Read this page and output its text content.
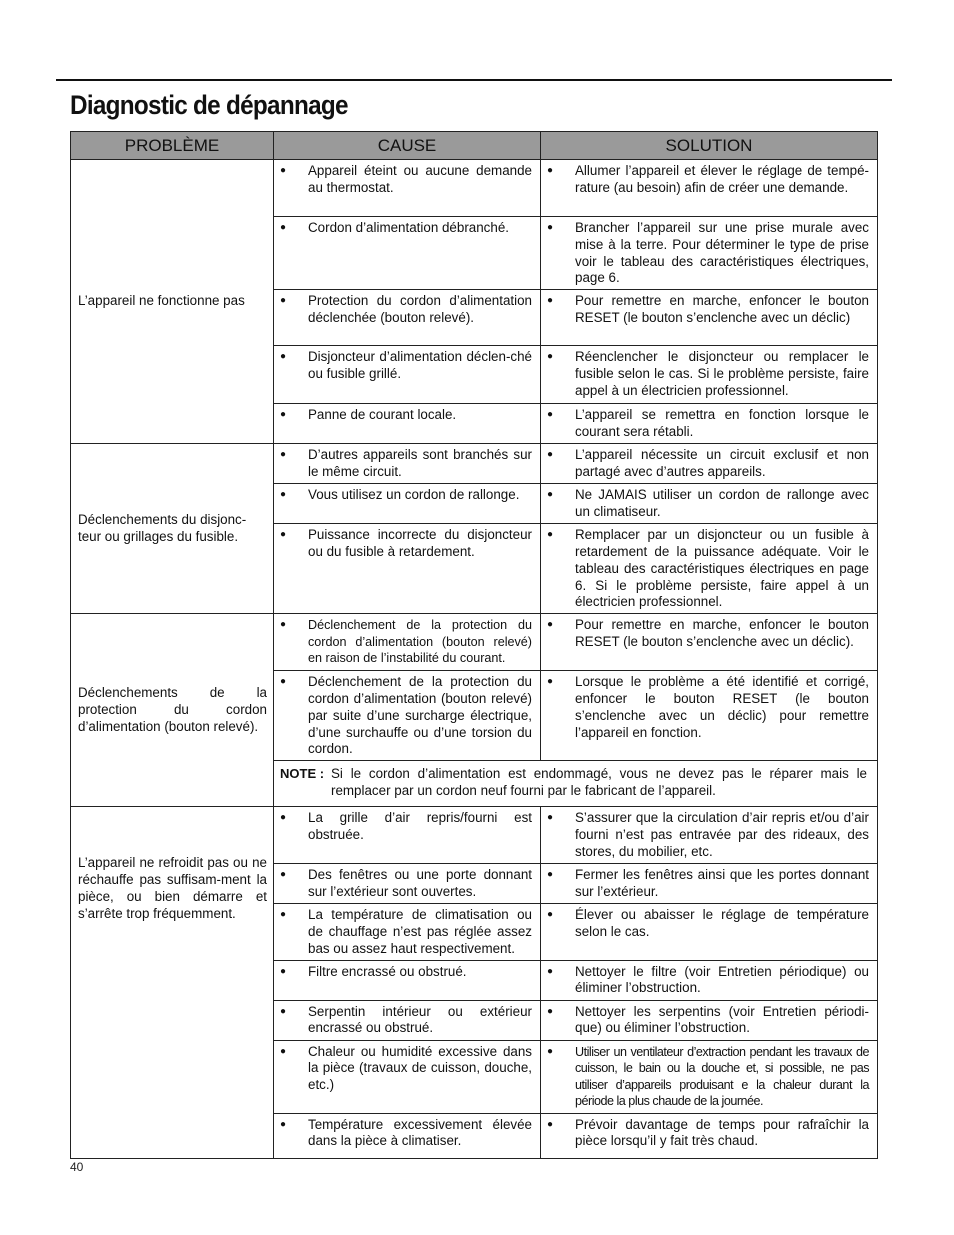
Diagnostic de dépannage
PROBLÈME	CAUSE	SOLUTION
L’appareil ne fonctionne pas	● Appareil éteint ou aucune demande au thermostat.	● Allumer l’appareil et élever le réglage de tempé-rature (au besoin) afin de créer une demande.

	● Cordon d’alimentation débranché.	● Brancher l’appareil sur une prise murale avec mise à la terre. Pour déterminer le type de prise voir le tableau des caractéristiques électriques, page 6.

	● Protection du cordon d’alimentation déclenchée (bouton relevé).	● Pour remettre en marche, enfoncer le bouton RESET (le bouton s’enclenche avec un déclic)

	● Disjoncteur d’alimentation déclen-ché ou fusible grillé.	● Réenclencher le disjoncteur ou remplacer le fusible selon le cas. Si le problème persiste, faire appel à un électricien professionnel.

	● Panne de courant locale.	● L’appareil se remettra en fonction lorsque le courant sera rétabli.

Déclenchements du disjonc-teur ou grillages du fusible.	● D’autres appareils sont branchés sur le même circuit.	● L’appareil nécessite un circuit exclusif et non partagé avec d’autres appareils.

	● Vous utilisez un cordon de rallonge.	● Ne JAMAIS utiliser un cordon de rallonge avec un climatiseur.

	● Puissance incorrecte du disjoncteur ou du fusible à retardement.	● Remplacer par un disjoncteur ou un fusible à retardement de la puissance adéquate. Voir le tableau des caractéristiques électriques en page 6. Si le problème persiste, faire appel à un électricien professionnel.

Déclenchements de la protection du cordon d’alimentation (bouton relevé).	● Déclenchement de la protection du cordon d’alimentation (bouton relevé) en raison de l’instabilité du courant.	● Pour remettre en marche, enfoncer le bouton RESET (le bouton s’enclenche avec un déclic).

	● Déclenchement de la protection du cordon d’alimentation (bouton relevé) par suite d’une surcharge électrique, d’une surchauffe ou d’une torsion du cordon.	● Lorsque le problème a été identifié et corrigé, enfoncer le bouton RESET (le bouton s’enclenche avec un déclic) pour remettre l’appareil en fonction.

	NOTE : Si le cordon d’alimentation est endommagé, vous ne devez pas le réparer mais le remplacer par un cordon neuf fourni par le fabricant de l’appareil.	

L’appareil ne refroidit pas ou ne réchauffe pas suffisam-ment la pièce, ou bien démarre et s’arrête trop fréquemment.	● La grille d’air repris/fourni est obstruée.	● S’assurer que la circulation d’air repris et/ou d’air fourni n’est pas entravée par des rideaux, des stores, du mobilier, etc.

	● Des fenêtres ou une porte donnant sur l’extérieur sont ouvertes.	● Fermer les fenêtres ainsi que les portes donnant sur l’extérieur.

	● La température de climatisation ou de chauffage n’est pas réglée assez bas ou assez haut respectivement.	● Élever ou abaisser le réglage de température selon le cas.

	● Filtre encrassé ou obstrué.	● Nettoyer le filtre (voir Entretien périodique) ou éliminer l’obstruction.

	● Serpentin intérieur ou extérieur encrassé ou obstrué.	● Nettoyer les serpentins (voir Entretien périodi-que) ou éliminer l’obstruction.

	● Chaleur ou humidité excessive dans la pièce (travaux de cuisson, douche, etc.)	● Utiliser un ventilateur d’extraction pendant les travaux de cuisson, le bain ou la douche et, si possible, ne pas utiliser d’appareils produisant e la chaleur durant la période la plus chaude de la journée.

	● Température excessivement élevée dans la pièce à climatiser.	● Prévoir davantage de temps pour rafraîchir la pièce lorsqu’il y fait très chaud.
40
